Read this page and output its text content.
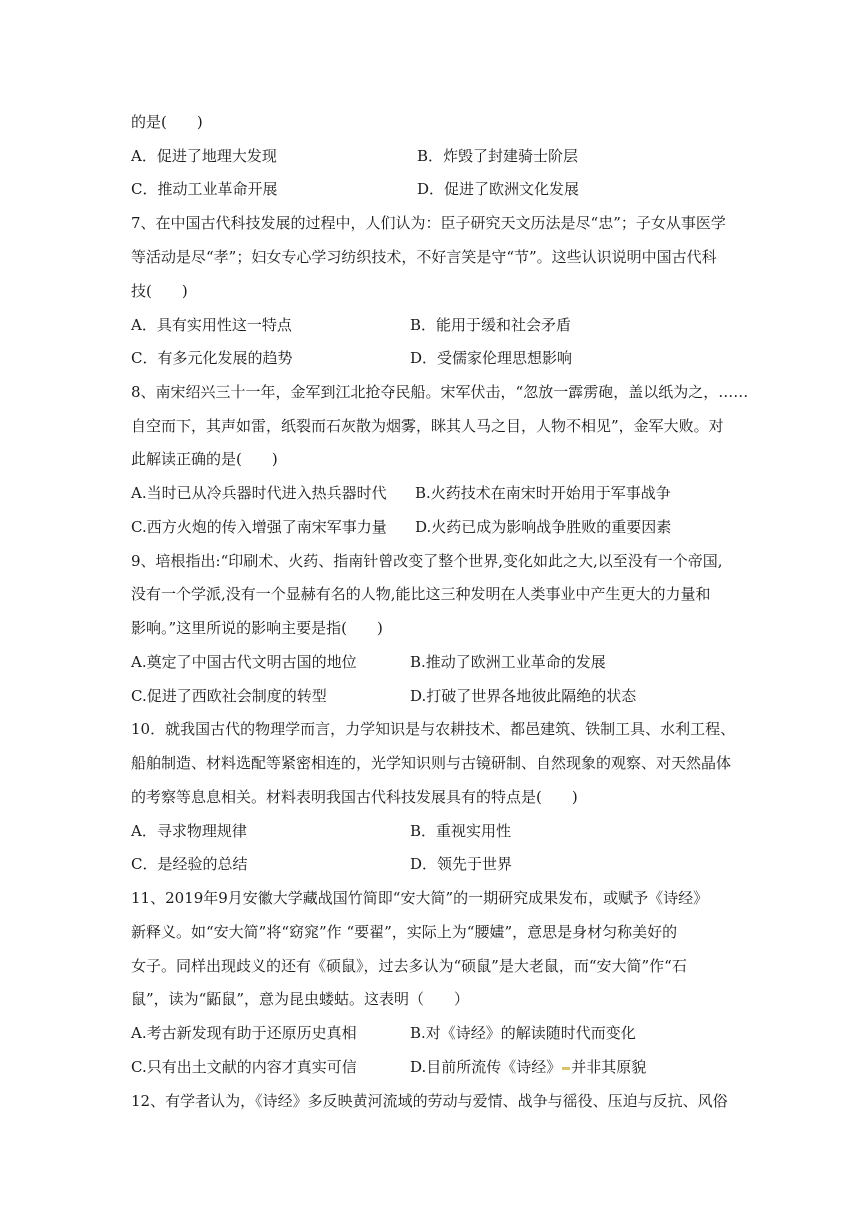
的是(　　)
A．促进了地理大发现	B．炸毁了封建骑士阶层
C．推动工业革命开展	D．促进了欧洲文化发展
7、在中国古代科技发展的过程中，人们认为：臣子研究天文历法是尽“忠”；子女从事医学
等活动是尽“孝”；妇女专心学习纺织技术，不好言笑是守“节”。这些认识说明中国古代科
技(　　)
A．具有实用性这一特点	B．能用于缓和社会矛盾
C．有多元化发展的趋势	D．受儒家伦理思想影响
8、南宋绍兴三十一年，金军到江北抢夺民船。宋军伏击，“忽放一霹雳砲，盖以纸为之，……
自空而下，其声如雷，纸裂而石灰散为烟雾，眯其人马之目，人物不相见”，金军大败。对
此解读正确的是(　　)
A.当时已从冷兵器时代进入热兵器时代 B.火药技术在南宋时开始用于军事战争
C.西方火炮的传入增强了南宋军事力量 D.火药已成为影响战争胜败的重要因素
9、培根指出:“印刷术、火药、指南针曾改变了整个世界,变化如此之大,以至没有一个帝国,
没有一个学派,没有一个显赫有名的人物,能比这三种发明在人类事业中产生更大的力量和
影响。”这里所说的影响主要是指(　　)
A.奠定了中国古代文明古国的地位	B.推动了欧洲工业革命的发展
C.促进了西欧社会制度的转型	D.打破了世界各地彼此隔绝的状态
10．就我国古代的物理学而言，力学知识是与农耕技术、都邑建筑、铁制工具、水利工程、
船舶制造、材料选配等紧密相连的，光学知识则与古镜研制、自然现象的观察、对天然晶体
的考察等息息相关。材料表明我国古代科技发展具有的特点是(　　)
A．寻求物理规律	B．重视实用性
C．是经验的总结	D．领先于世界
11、2019年9月安徽大学藏战国竹简即“安大简”的一期研究成果发布，或赋予《诗经》
新释义。如“安大简”将“窈窕”作 “要翟”，实际上为“腰嫿”，意思是身材匀称美好的
女子。同样出现歧义的还有《硕鼠》，过去多认为“硕鼠”是大老鼠，而“安大简”作“石
鼠”，读为“鼫鼠”，意为昆虫蝼蛄。这表明（　　）
A.考古新发现有助于还原历史真相	B.对《诗经》的解读随时代而变化
C.只有出土文献的内容才真实可信	D.目前所流传《诗经》 并非其原貌
12、有学者认为，《诗经》多反映黄河流域的劳动与爱情、战争与徭役、压迫与反抗、风俗
